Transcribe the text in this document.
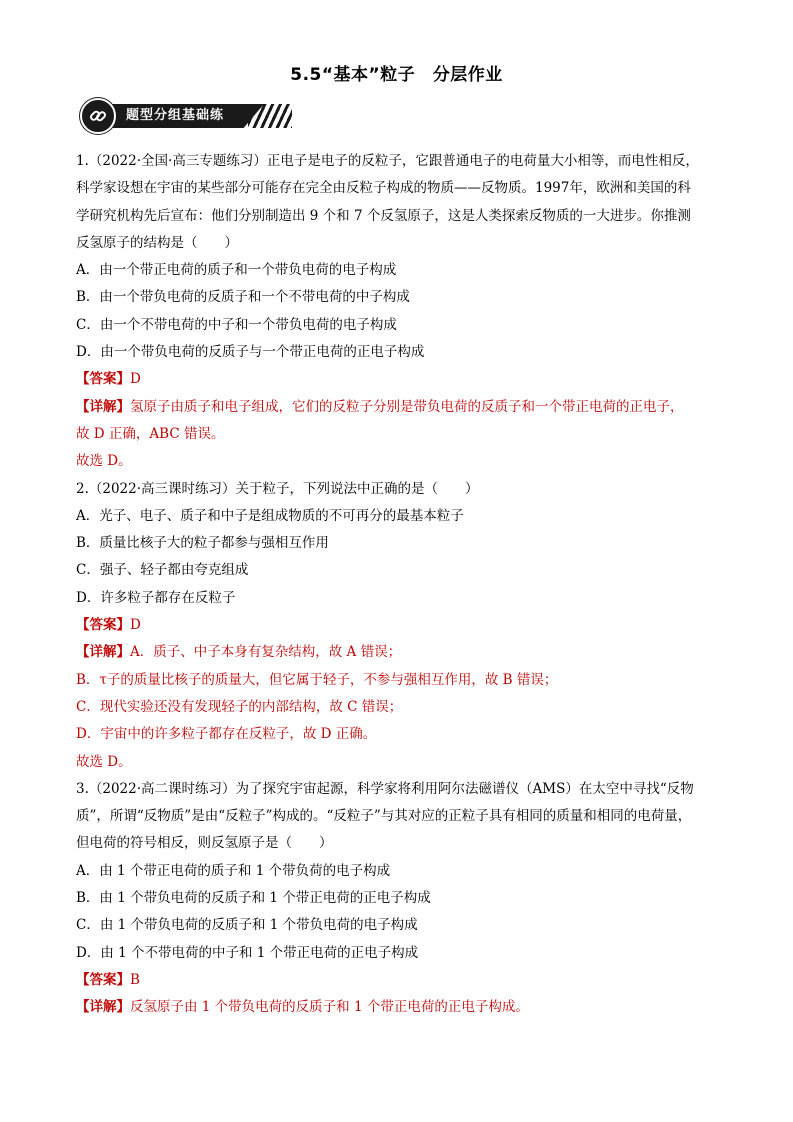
5.5“基本”粒子　分层作业
题型分组基础练
1.（2022·全国·高三专题练习）正电子是电子的反粒子，它跟普通电子的电荷量大小相等，而电性相反，
科学家设想在宇宙的某些部分可能存在完全由反粒子构成的物质——反物质。1997年，欧洲和美国的科
学研究机构先后宣布：他们分别制造出 9 个和 7 个反氢原子，这是人类探索反物质的一大进步。你推测
反氢原子的结构是（　　）
A．由一个带正电荷的质子和一个带负电荷的电子构成
B．由一个带负电荷的反质子和一个不带电荷的中子构成
C．由一个不带电荷的中子和一个带负电荷的电子构成
D．由一个带负电荷的反质子与一个带正电荷的正电子构成
【答案】D
【详解】氢原子由质子和电子组成，它们的反粒子分别是带负电荷的反质子和一个带正电荷的正电子，
故 D 正确，ABC 错误。
故选 D。
2.（2022·高三课时练习）关于粒子，下列说法中正确的是（　　）
A．光子、电子、质子和中子是组成物质的不可再分的最基本粒子
B．质量比核子大的粒子都参与强相互作用
C．强子、轻子都由夸克组成
D．许多粒子都存在反粒子
【答案】D
【详解】A．质子、中子本身有复杂结构，故 A 错误；
B．τ子的质量比核子的质量大，但它属于轻子，不参与强相互作用，故 B 错误；
C．现代实验还没有发现轻子的内部结构，故 C 错误；
D．宇宙中的许多粒子都存在反粒子，故 D 正确。
故选 D。
3.（2022·高二课时练习）为了探究宇宙起源，科学家将利用阿尔法磁谱仪（AMS）在太空中寻找“反物
质”，所谓“反物质”是由“反粒子”构成的。“反粒子”与其对应的正粒子具有相同的质量和相同的电荷量，
但电荷的符号相反，则反氢原子是（　　）
A．由 1 个带正电荷的质子和 1 个带负荷的电子构成
B．由 1 个带负电荷的反质子和 1 个带正电荷的正电子构成
C．由 1 个带负电荷的反质子和 1 个带负电荷的电子构成
D．由 1 个不带电荷的中子和 1 个带正电荷的正电子构成
【答案】B
【详解】反氢原子由 1 个带负电荷的反质子和 1 个带正电荷的正电子构成。
